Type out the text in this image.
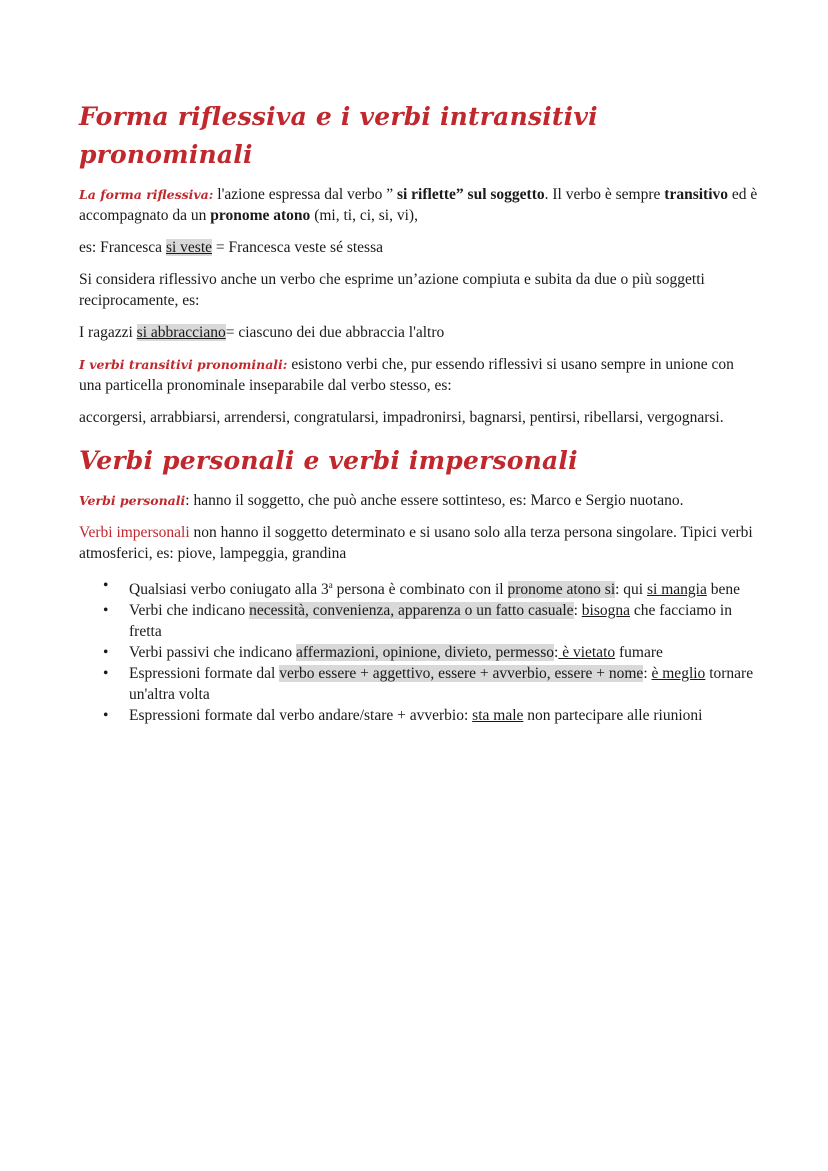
Forma riflessiva e i verbi intransitivi pronominali

La forma riflessiva: l'azione espressa dal verbo ” si riflette” sul soggetto. Il verbo è sempre transitivo ed è accompagnato da un pronome atono (mi, ti, ci, si, vi),

es: Francesca si veste = Francesca veste sé stessa

Si considera riflessivo anche un verbo che esprime un’azione compiuta e subita da due o più soggetti reciprocamente, es:

I ragazzi si abbracciano= ciascuno dei due abbraccia l'altro

I verbi transitivi pronominali: esistono verbi che, pur essendo riflessivi si usano sempre in unione con una particella pronominale inseparabile dal verbo stesso, es:

accorgersi, arrabbiarsi, arrendersi, congratularsi, impadronirsi, bagnarsi, pentirsi, ribellarsi, vergognarsi.

Verbi personali e verbi impersonali

Verbi personali: hanno il soggetto, che può anche essere sottinteso, es: Marco e Sergio nuotano.

Verbi impersonali non hanno il soggetto determinato e si usano solo alla terza persona singolare. Tipici verbi atmosferici, es: piove, lampeggia, grandina

• Qualsiasi verbo coniugato alla 3$^a$ persona è combinato con il pronome atono si: qui si mangia bene
• Verbi che indicano necessità, convenienza, apparenza o un fatto casuale: bisogna che facciamo in fretta
• Verbi passivi che indicano affermazioni, opinione, divieto, permesso: è vietato fumare
• Espressioni formate dal verbo essere + aggettivo, essere + avverbio, essere + nome: è meglio tornare un'altra volta
• Espressioni formate dal verbo andare/stare + avverbio: sta male non partecipare alle riunioni
